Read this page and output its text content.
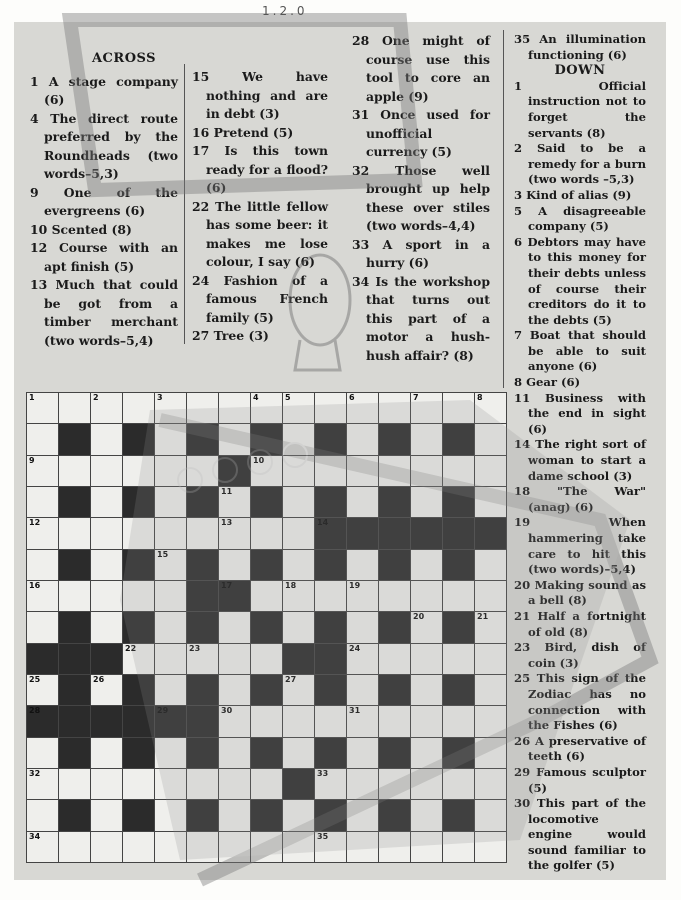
ACROSS
1 A stage company (6)
4 The direct route preferred by the Roundheads (two words–5,3)
9 One of the evergreens (6)
10 Scented (8)
12 Course with an apt finish (5)
13 Much that could be got from a timber merchant (two words–5,4)
15 We have nothing and are in debt (3)
16 Pretend (5)
17 Is this town ready for a flood? (6)
22 The little fellow has some beer: it makes me lose colour, I say (6)
24 Fashion of a famous French family (5)
27 Tree (3)
28 One might of course use this tool to core an apple (9)
31 Once used for unofficial currency (5)
32 Those well brought up help these over stiles (two words–4,4)
33 A sport in a hurry (6)
34 Is the workshop that turns out this part of a motor a hush-hush affair? (8)
35 An illumination functioning (6)
DOWN
1 Official instruction not to forget the servants (8)
2 Said to be a remedy for a burn (two words –5,3)
3 Kind of alias (9)
5 A disagreeable company (5)
6 Debtors may have to this money for their debts unless of course their creditors do it to the debts (5)
7 Boat that should be able to suit anyone (6)
8 Gear (6)
11 Business with the end in sight (6)
14 The right sort of woman to start a dame school (3)
18 "The War" (anag) (6)
19 When hammering take care to hit this (two words)–5,4)
20 Making sound as a bell (8)
21 Half a fortnight of old (8)
23 Bird, dish of coin (3)
25 This sign of the Zodiac has no connection with the Fishes (6)
26 A preservative of teeth (6)
29 Famous sculptor (5)
30 This part of the locomotive engine would sound familiar to the golfer (5)
1	2	3	4	5	6	7	8
9	10
11
12	13	14
15
16	17	18	19
20	21
22	23	24
25	26	27
28	29	30	31
32	33
34	35
1.2.0
